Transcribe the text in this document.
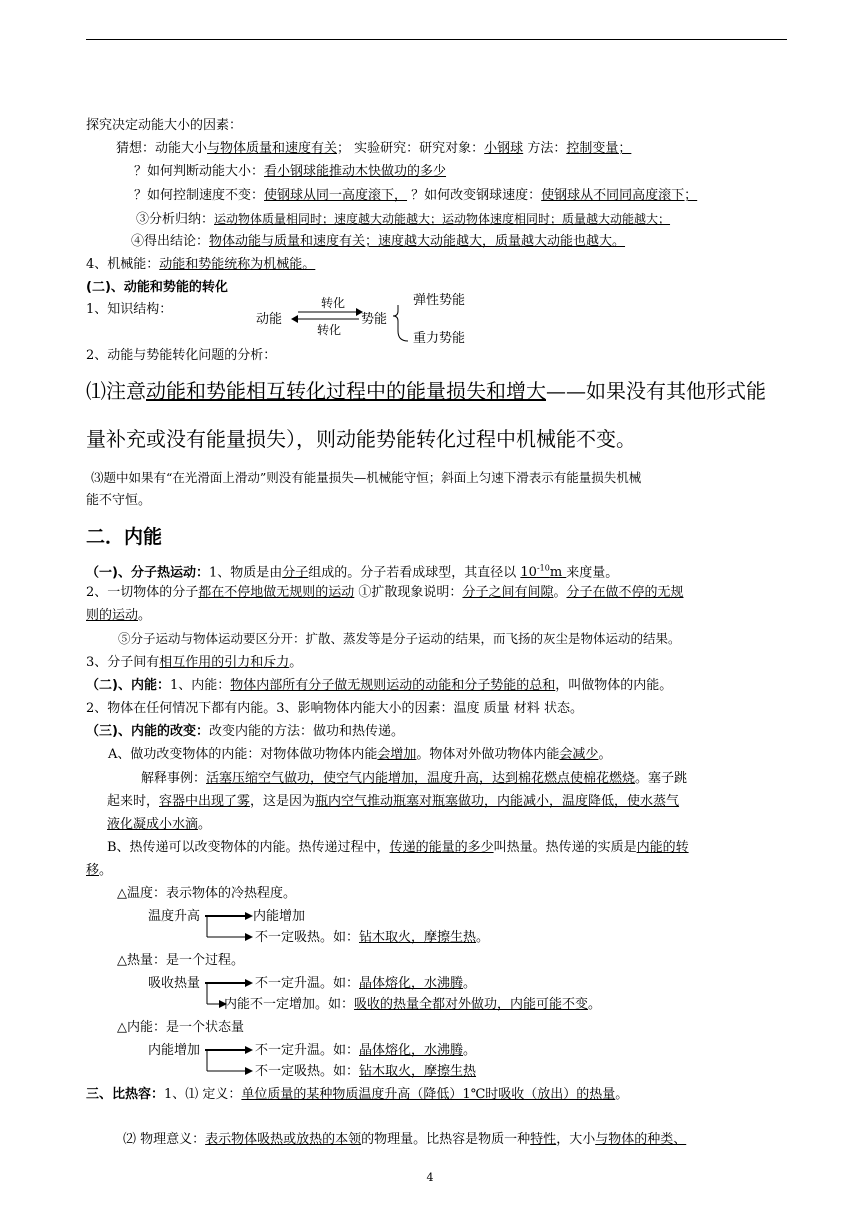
探究决定动能大小的因素：
猜想：动能大小与物体质量和速度有关； 实验研究：研究对象：小钢球 方法：控制变量；
？如何判断动能大小：看小钢球能推动木快做功的多少
？如何控制速度不变：使钢球从同一高度滚下， ？如何改变钢球速度：使钢球从不同同高度滚下；
③分析归纳：运动物体质量相同时；速度越大动能越大；运动物体速度相同时；质量越大动能越大；
④得出结论：物体动能与质量和速度有关；速度越大动能越大，质量越大动能也越大。
4、机械能：动能和势能统称为机械能。
(二)、动能和势能的转化
1、知识结构：
动能
转化
转化
势能
弹性势能
重力势能
2、动能与势能转化问题的分析：
⑴注意动能和势能相互转化过程中的能量损失和增大——如果没有其他形式能
量补充或没有能量损失），则动能势能转化过程中机械能不变。
⑶题中如果有“在光滑面上滑动”则没有能量损失—机械能守恒；斜面上匀速下滑表示有能量损失机械
能不守恒。
二．内能
（一)、分子热运动：1、物质是由分子组成的。分子若看成球型，其直径以 $10^{-10}m$ 来度量。
2、一切物体的分子都在不停地做无规则的运动 ①扩散现象说明：分子之间有间隙。分子在做不停的无规
则的运动。
⑤分子运动与物体运动要区分开：扩散、蒸发等是分子运动的结果，而飞扬的灰尘是物体运动的结果。
3、分子间有相互作用的引力和斥力。
（二)、内能：1、内能：物体内部所有分子做无规则运动的动能和分子势能的总和，叫做物体的内能。
2、物体在任何情况下都有内能。3、影响物体内能大小的因素：温度 质量 材料 状态。
（三)、内能的改变：改变内能的方法：做功和热传递。
A、做功改变物体的内能：对物体做功物体内能会增加。物体对外做功物体内能会减少。
解释事例：活塞压缩空气做功，使空气内能增加，温度升高，达到棉花燃点使棉花燃烧。塞子跳
起来时，容器中出现了雾，这是因为瓶内空气推动瓶塞对瓶塞做功，内能减小，温度降低，使水蒸气
液化凝成小水滴。
B、热传递可以改变物体的内能。热传递过程中，传递的能量的多少叫热量。热传递的实质是内能的转
移。
△温度：表示物体的冷热程度。
温度升高	内能增加
不一定吸热。如：钻木取火，摩擦生热。
△热量：是一个过程。
吸收热量	不一定升温。如：晶体熔化，水沸腾。
内能不一定增加。如：吸收的热量全都对外做功，内能可能不变。
△内能：是一个状态量
内能增加	不一定升温。如：晶体熔化，水沸腾。
不一定吸热。如：钻木取火，摩擦生热
三、比热容：1、⑴ 定义：单位质量的某种物质温度升高（降低）1℃时吸收（放出）的热量。
⑵ 物理意义：表示物体吸热或放热的本领的物理量。比热容是物质一种特性，大小与物体的种类、
4
